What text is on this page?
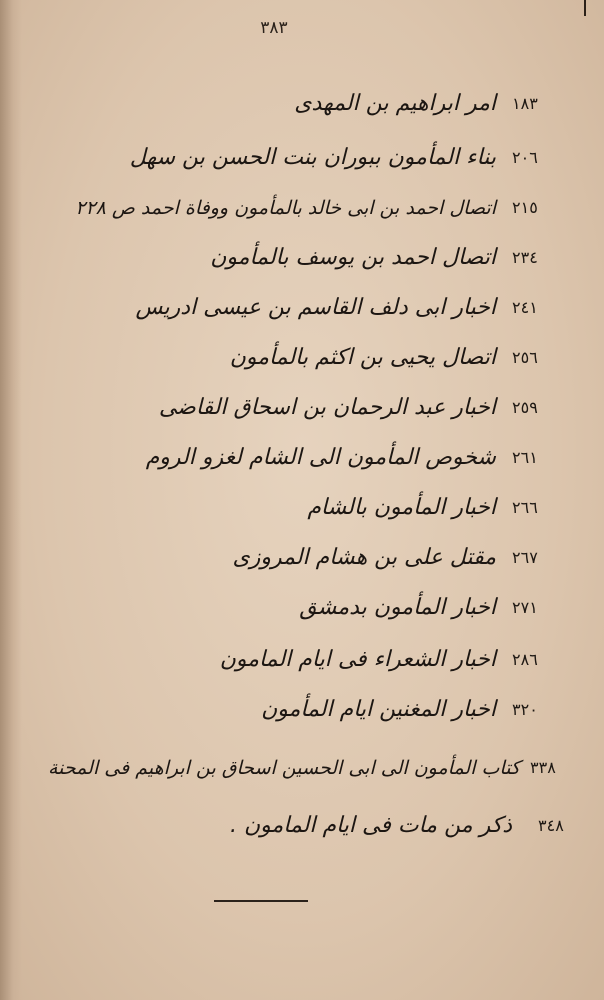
٣٨٣
١٨٣
امر ابراهيم بن المهدى
٢٠٦
بناء المأمون ببوران بنت الحسن بن سهل
٢١٥
اتصال احمد بن ابى خالد بالمأمون ووفاة احمد ص ٢٢٨
٢٣٤
اتصال احمد بن يوسف بالمأمون
٢٤١
اخبار ابى دلف القاسم بن عيسى ادريس
٢٥٦
اتصال يحيى بن اكثم بالمأمون
٢٥٩
اخبار عبد الرحمان بن اسحاق القاضى
٢٦١
شخوص المأمون الى الشام لغزو الروم
٢٦٦
اخبار المأمون بالشام
٢٦٧
مقتل على بن هشام المروزى
٢٧١
اخبار المأمون بدمشق
٢٨٦
اخبار الشعراء فى ايام المامون
٣٢٠
اخبار المغنين ايام المأمون
٣٣٨
كتاب المأمون الى ابى الحسين اسحاق بن ابراهيم فى المحنة
٣٤٨
ذكر من مات فى ايام المامون .
